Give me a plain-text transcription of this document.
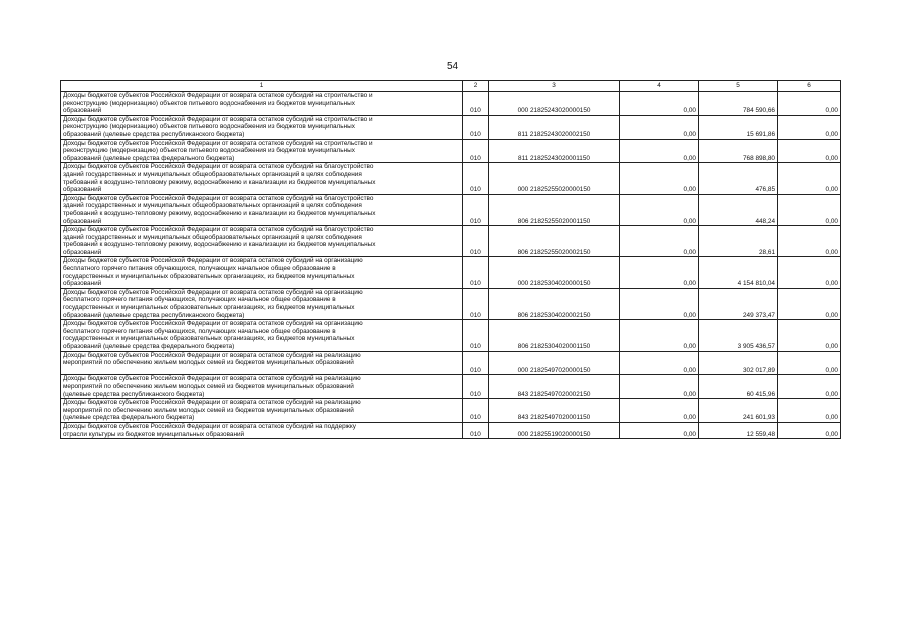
54
1	2	3	4	5	6

Доходы бюджетов субъектов Российской Федерации от возврата остатков субсидий на строительство и
реконструкцию (модернизацию) объектов питьевого водоснабжения из бюджетов муниципальных
образований	010	000 21825243020000150	0,00	784 590,66	0,00

Доходы бюджетов субъектов Российской Федерации от возврата остатков субсидий на строительство и
реконструкцию (модернизацию) объектов питьевого водоснабжения из бюджетов муниципальных
образований (целевые средства республиканского бюджета)	010	811 21825243020002150	0,00	15 691,86	0,00

Доходы бюджетов субъектов Российской Федерации от возврата остатков субсидий на строительство и
реконструкцию (модернизацию) объектов питьевого водоснабжения из бюджетов муниципальных
образований (целевые средства федерального бюджета)	010	811 21825243020001150	0,00	768 898,80	0,00

Доходы бюджетов субъектов Российской Федерации от возврата остатков субсидий на благоустройство
зданий государственных и муниципальных общеобразовательных организаций в целях соблюдения
требований к воздушно-тепловому режиму, водоснабжению и канализации из бюджетов муниципальных
образований	010	000 21825255020000150	0,00	476,85	0,00

Доходы бюджетов субъектов Российской Федерации от возврата остатков субсидий на благоустройство
зданий государственных и муниципальных общеобразовательных организаций в целях соблюдения
требований к воздушно-тепловому режиму, водоснабжению и канализации из бюджетов муниципальных
образований	010	806 21825255020001150	0,00	448,24	0,00

Доходы бюджетов субъектов Российской Федерации от возврата остатков субсидий на благоустройство
зданий государственных и муниципальных общеобразовательных организаций в целях соблюдения
требований к воздушно-тепловому режиму, водоснабжению и канализации из бюджетов муниципальных
образований	010	806 21825255020002150	0,00	28,61	0,00

Доходы бюджетов субъектов Российской Федерации от возврата остатков субсидий на организацию
бесплатного горячего питания обучающихся, получающих начальное общее образование в
государственных и муниципальных образовательных организациях, из бюджетов муниципальных
образований	010	000 21825304020000150	0,00	4 154 810,04	0,00

Доходы бюджетов субъектов Российской Федерации от возврата остатков субсидий на организацию
бесплатного горячего питания обучающихся, получающих начальное общее образование в
государственных и муниципальных образовательных организациях, из бюджетов муниципальных
образований (целевые средства республиканского бюджета)	010	806 21825304020002150	0,00	249 373,47	0,00

Доходы бюджетов субъектов Российской Федерации от возврата остатков субсидий на организацию
бесплатного горячего питания обучающихся, получающих начальное общее образование в
государственных и муниципальных образовательных организациях, из бюджетов муниципальных
образований (целевые средства федерального бюджета)	010	806 21825304020001150	0,00	3 905 436,57	0,00

Доходы бюджетов субъектов Российской Федерации от возврата остатков субсидий на реализацию
мероприятий по обеспечению жильем молодых семей из бюджетов муниципальных образований	010	000 21825497020000150	0,00	302 017,89	0,00

Доходы бюджетов субъектов Российской Федерации от возврата остатков субсидий на реализацию
мероприятий по обеспечению жильем молодых семей из бюджетов муниципальных образований
(целевые средства республиканского бюджета)	010	843 21825497020002150	0,00	60 415,96	0,00

Доходы бюджетов субъектов Российской Федерации от возврата остатков субсидий на реализацию
мероприятий по обеспечению жильем молодых семей из бюджетов муниципальных образований
(целевые средства федерального бюджета)	010	843 21825497020001150	0,00	241 601,93	0,00

Доходы бюджетов субъектов Российской Федерации от возврата остатков субсидий на поддержку
отрасли культуры из бюджетов муниципальных образований	010	000 21825519020000150	0,00	12 559,48	0,00
